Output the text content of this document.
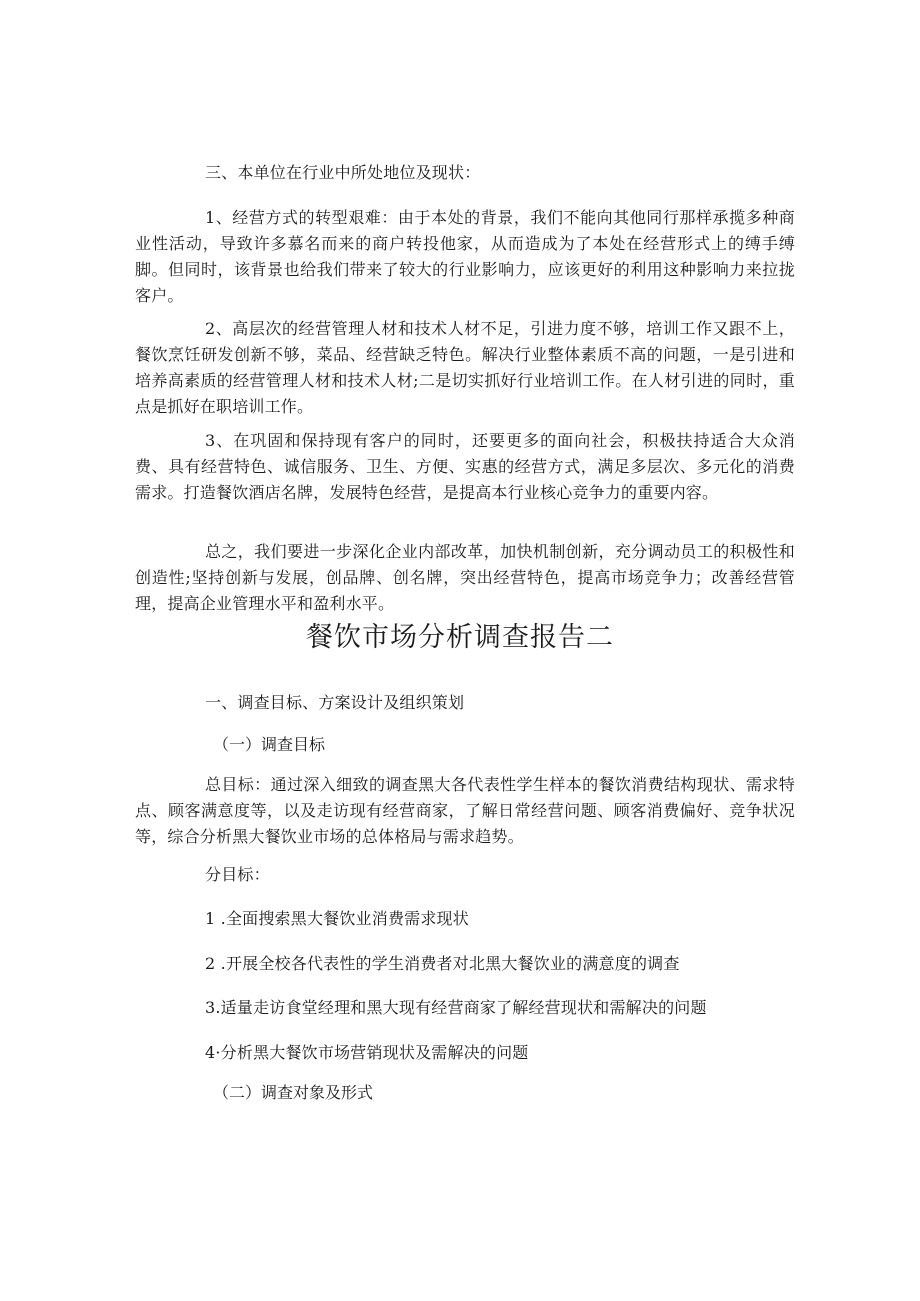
三、本单位在行业中所处地位及现状：

1、经营方式的转型艰难：由于本处的背景，我们不能向其他同行那样承揽多种商业性活动，导致许多慕名而来的商户转投他家，从而造成为了本处在经营形式上的缚手缚脚。但同时，该背景也给我们带来了较大的行业影响力，应该更好的利用这种影响力来拉拢客户。

2、高层次的经营管理人材和技术人材不足，引进力度不够，培训工作又跟不上，餐饮烹饪研发创新不够，菜品、经营缺乏特色。解决行业整体素质不高的问题，一是引进和培养高素质的经营管理人材和技术人材;二是切实抓好行业培训工作。在人材引进的同时，重点是抓好在职培训工作。

3、在巩固和保持现有客户的同时，还要更多的面向社会，积极扶持适合大众消费、具有经营特色、诚信服务、卫生、方便、实惠的经营方式，满足多层次、多元化的消费需求。打造餐饮酒店名牌，发展特色经营，是提高本行业核心竞争力的重要内容。

总之，我们要进一步深化企业内部改革，加快机制创新，充分调动员工的积极性和创造性;坚持创新与发展，创品牌、创名牌，突出经营特色，提高市场竞争力；改善经营管理，提高企业管理水平和盈利水平。

餐饮市场分析调查报告二

一、调查目标、方案设计及组织策划

（一）调查目标

总目标：通过深入细致的调查黑大各代表性学生样本的餐饮消费结构现状、需求特点、顾客满意度等，以及走访现有经营商家，了解日常经营问题、顾客消费偏好、竞争状况等，综合分析黑大餐饮业市场的总体格局与需求趋势。

分目标：

1 .全面搜索黑大餐饮业消费需求现状

2 .开展全校各代表性的学生消费者对北黑大餐饮业的满意度的调查

3.适量走访食堂经理和黑大现有经营商家了解经营现状和需解决的问题

4·分析黑大餐饮市场营销现状及需解决的问题

（二）调查对象及形式
